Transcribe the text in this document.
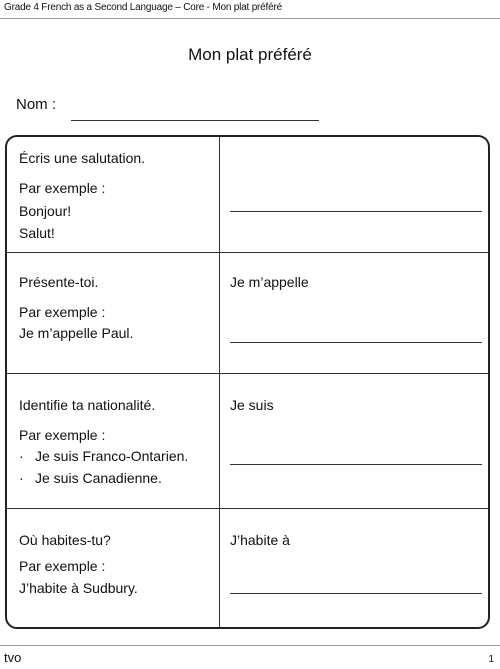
Grade 4 French as a Second Language – Core - Mon plat préféré
Mon plat préféré
Nom :
Écris une salutation.
Par exemple :
Bonjour!
Salut!
Présente-toi.
Par exemple :
Je m’appelle Paul.
Je m’appelle
Identifie ta nationalité.
Par exemple :
· Je suis Franco-Ontarien.
· Je suis Canadienne.
Je suis
Où habites-tu?
Par exemple :
J’habite à Sudbury.
J’habite à
tvo	1
